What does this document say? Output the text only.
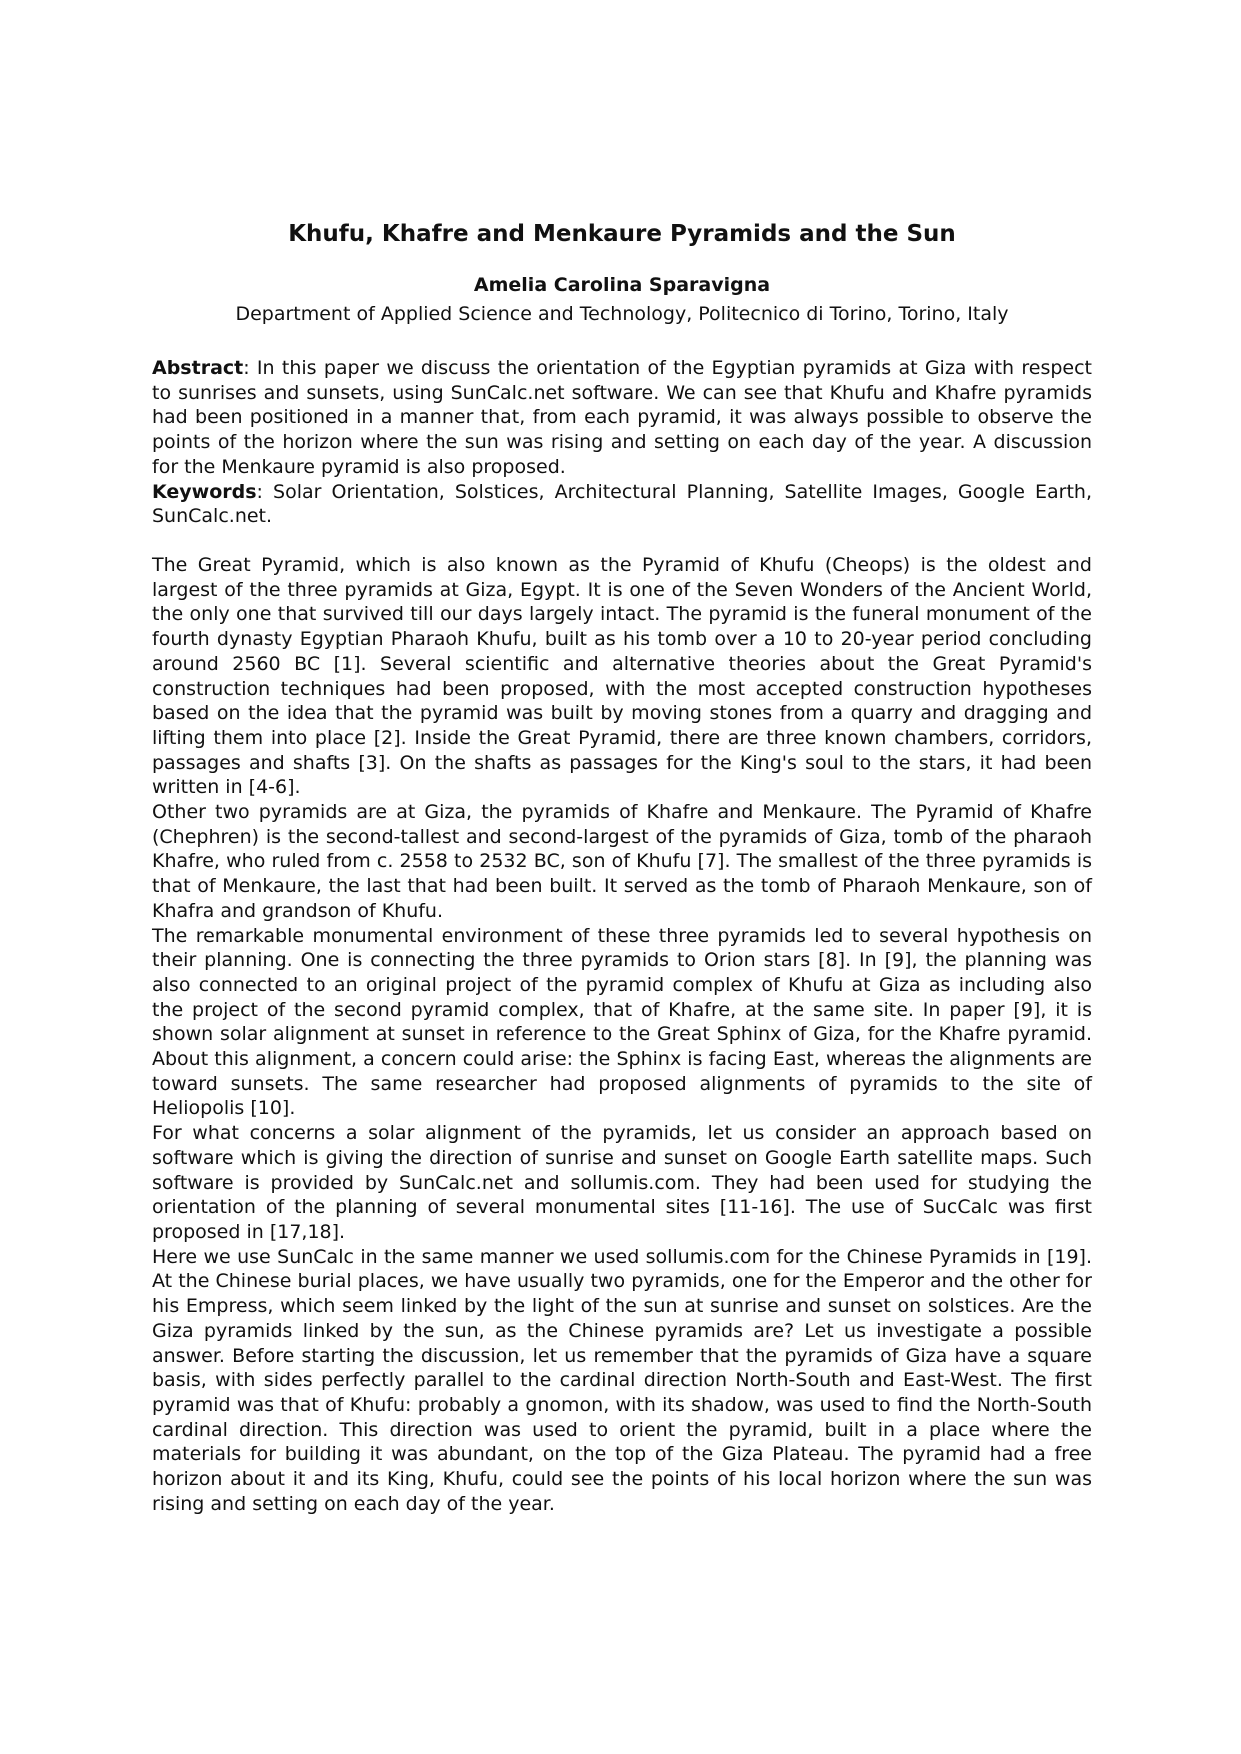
Khufu, Khafre and Menkaure Pyramids and the Sun
Amelia Carolina Sparavigna
Department of Applied Science and Technology, Politecnico di Torino, Torino, Italy

Abstract: In this paper we discuss the orientation of the Egyptian pyramids at Giza with respect to sunrises and sunsets, using SunCalc.net software. We can see that Khufu and Khafre pyramids had been positioned in a manner that, from each pyramid, it was always possible to observe the points of the horizon where the sun was rising and setting on each day of the year. A discussion for the Menkaure pyramid is also proposed.

Keywords: Solar Orientation, Solstices, Architectural Planning, Satellite Images, Google Earth, SunCalc.net.

The Great Pyramid, which is also known as the Pyramid of Khufu (Cheops) is the oldest and largest of the three pyramids at Giza, Egypt. It is one of the Seven Wonders of the Ancient World, the only one that survived till our days largely intact. The pyramid is the funeral monument of the fourth dynasty Egyptian Pharaoh Khufu, built as his tomb over a 10 to 20-year period concluding around 2560 BC [1]. Several scientific and alternative theories about the Great Pyramid's construction techniques had been proposed, with the most accepted construction hypotheses based on the idea that the pyramid was built by moving stones from a quarry and dragging and lifting them into place [2]. Inside the Great Pyramid, there are three known chambers, corridors, passages and shafts [3]. On the shafts as passages for the King's soul to the stars, it had been written in [4-6].

Other two pyramids are at Giza, the pyramids of Khafre and Menkaure. The Pyramid of Khafre (Chephren) is the second-tallest and second-largest of the pyramids of Giza, tomb of the pharaoh Khafre, who ruled from c. 2558 to 2532 BC, son of Khufu [7]. The smallest of the three pyramids is that of Menkaure, the last that had been built. It served as the tomb of Pharaoh Menkaure, son of Khafra and grandson of Khufu.

The remarkable monumental environment of these three pyramids led to several hypothesis on their planning. One is connecting the three pyramids to Orion stars [8]. In [9], the planning was also connected to an original project of the pyramid complex of Khufu at Giza as including also the project of the second pyramid complex, that of Khafre, at the same site. In paper [9], it is shown solar alignment at sunset in reference to the Great Sphinx of Giza, for the Khafre pyramid. About this alignment, a concern could arise: the Sphinx is facing East, whereas the alignments are toward sunsets. The same researcher had proposed alignments of pyramids to the site of Heliopolis [10].

For what concerns a solar alignment of the pyramids, let us consider an approach based on software which is giving the direction of sunrise and sunset on Google Earth satellite maps. Such software is provided by SunCalc.net and sollumis.com. They had been used for studying the orientation of the planning of several monumental sites [11-16]. The use of SucCalc was first proposed in [17,18].

Here we use SunCalc in the same manner we used sollumis.com for the Chinese Pyramids in [19]. At the Chinese burial places, we have usually two pyramids, one for the Emperor and the other for his Empress, which seem linked by the light of the sun at sunrise and sunset on solstices. Are the Giza pyramids linked by the sun, as the Chinese pyramids are? Let us investigate a possible answer. Before starting the discussion, let us remember that the pyramids of Giza have a square basis, with sides perfectly parallel to the cardinal direction North-South and East-West. The first pyramid was that of Khufu: probably a gnomon, with its shadow, was used to find the North-South cardinal direction. This direction was used to orient the pyramid, built in a place where the materials for building it was abundant, on the top of the Giza Plateau. The pyramid had a free horizon about it and its King, Khufu, could see the points of his local horizon where the sun was rising and setting on each day of the year.
